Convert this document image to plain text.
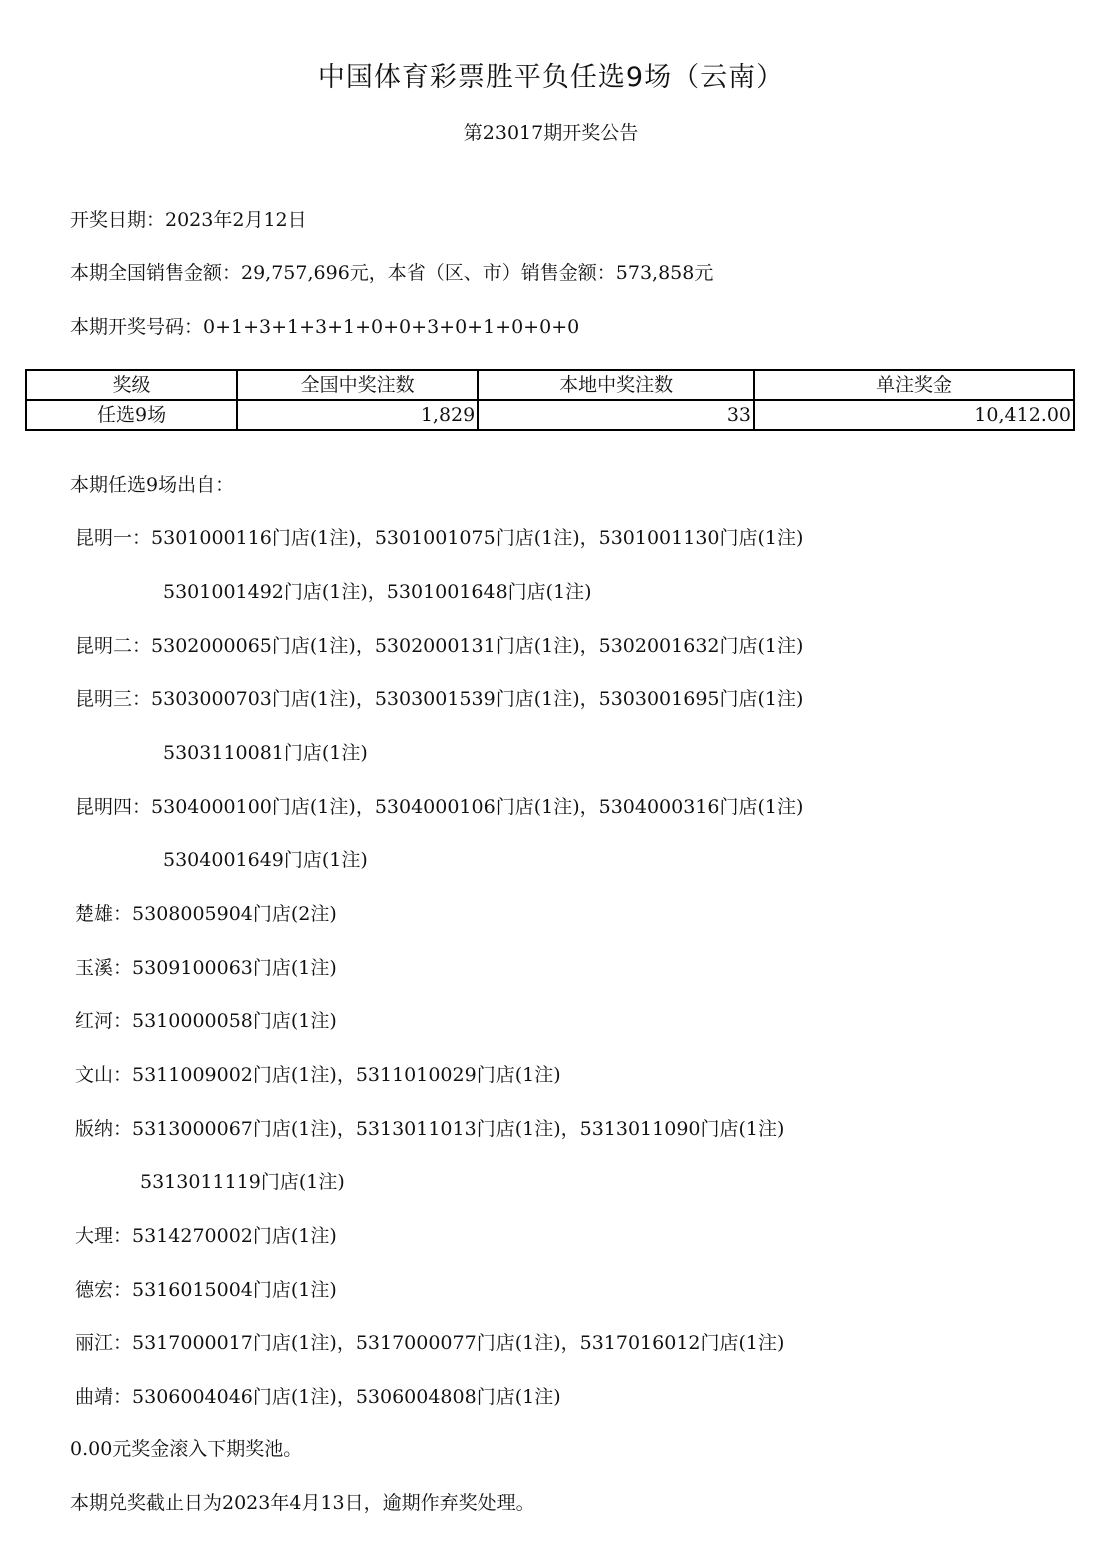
中国体育彩票胜平负任选9场（云南）
第23017期开奖公告
开奖日期：2023年2月12日
本期全国销售金额：29,757,696元，本省（区、市）销售金额：573,858元
本期开奖号码：0+1+3+1+3+1+0+0+3+0+1+0+0+0
奖级	全国中奖注数	本地中奖注数	单注奖金
任选9场	1,829	33	10,412.00
本期任选9场出自：
昆明一：5301000116门店(1注)，5301001075门店(1注)，5301001130门店(1注)
5301001492门店(1注)，5301001648门店(1注)
昆明二：5302000065门店(1注)，5302000131门店(1注)，5302001632门店(1注)
昆明三：5303000703门店(1注)，5303001539门店(1注)，5303001695门店(1注)
5303110081门店(1注)
昆明四：5304000100门店(1注)，5304000106门店(1注)，5304000316门店(1注)
5304001649门店(1注)
楚雄：5308005904门店(2注)
玉溪：5309100063门店(1注)
红河：5310000058门店(1注)
文山：5311009002门店(1注)，5311010029门店(1注)
版纳：5313000067门店(1注)，5313011013门店(1注)，5313011090门店(1注)
5313011119门店(1注)
大理：5314270002门店(1注)
德宏：5316015004门店(1注)
丽江：5317000017门店(1注)，5317000077门店(1注)，5317016012门店(1注)
曲靖：5306004046门店(1注)，5306004808门店(1注)
0.00元奖金滚入下期奖池。
本期兑奖截止日为2023年4月13日，逾期作弃奖处理。
